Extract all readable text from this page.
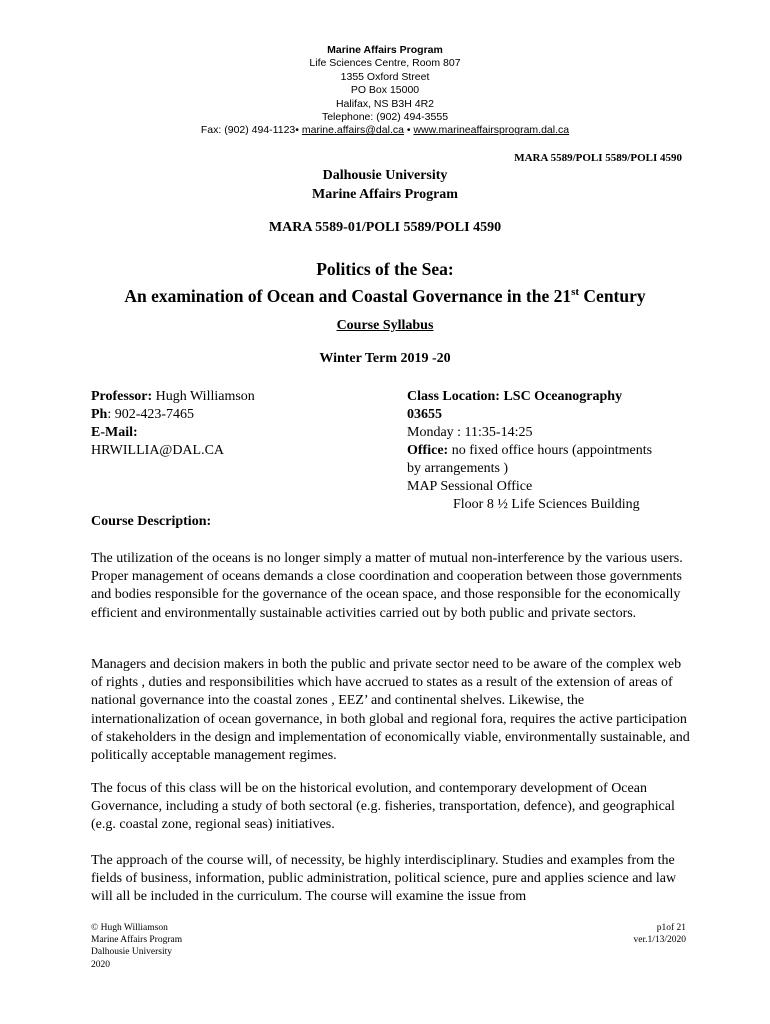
Marine Affairs Program
Life Sciences Centre, Room 807
1355 Oxford Street
PO Box 15000
Halifax, NS B3H 4R2
Telephone: (902) 494-3555
Fax: (902) 494-1123• marine.affairs@dal.ca • www.marineaffairsprogram.dal.ca
MARA 5589/POLI 5589/POLI 4590
Dalhousie University
Marine Affairs Program
MARA 5589-01/POLI 5589/POLI 4590
Politics of the Sea:
An examination of Ocean and Coastal Governance in the 21st Century
Course Syllabus
Winter Term 2019 -20
Professor: Hugh Williamson
Ph: 902-423-7465
E-Mail:
HRWILLIA@DAL.CA
Class Location: LSC Oceanography
03655
Monday : 11:35-14:25
Office: no fixed office hours (appointments
by arrangements )
MAP Sessional Office
Floor 8 ½ Life Sciences Building
Course Description:

The utilization of the oceans is no longer simply a matter of mutual non-interference by the various users. Proper management of oceans demands a close coordination and cooperation between those governments and bodies responsible for the governance of the ocean space, and those responsible for the economically efficient and environmentally sustainable activities carried out by both public and private sectors.

Managers and decision makers in both the public and private sector need to be aware of the complex web of rights , duties and responsibilities which have accrued to states as a result of the extension of areas of national governance into the coastal zones , EEZ’ and continental shelves. Likewise, the internationalization of ocean governance, in both global and regional fora, requires the active participation of stakeholders in the design and implementation of economically viable, environmentally sustainable, and politically acceptable management regimes.

The focus of this class will be on the historical evolution, and contemporary development of Ocean Governance, including a study of both sectoral (e.g. fisheries, transportation, defence), and geographical (e.g. coastal zone, regional seas) initiatives.

The approach of the course will, of necessity, be highly interdisciplinary. Studies and examples from the fields of business, information, public administration, political science, pure and applies science and law will all be included in the curriculum. The course will examine the issue from

© Hugh Williamson
Marine Affairs Program
Dalhousie University
2020
p1of 21
ver.1/13/2020
